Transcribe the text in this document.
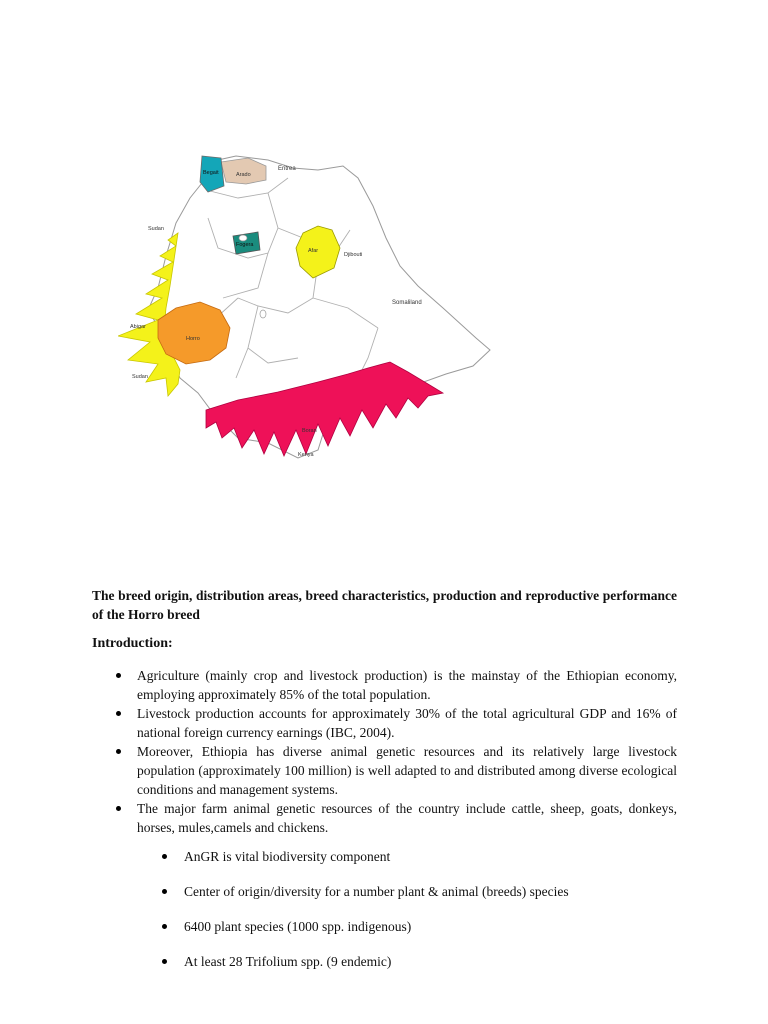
Eritrea
Arado
Begait
Fogera
Afar
Djibouti
Somaliland
Sudan
Abigar
Horro
Sudan
Boran
Kenya

The breed origin, distribution areas, breed characteristics, production and reproductive performance of the Horro breed

Introduction:

Agriculture (mainly crop and livestock production) is the mainstay of the Ethiopian economy, employing approximately 85% of the total population.
Livestock production accounts for approximately 30% of the total agricultural GDP and 16% of national foreign currency earnings (IBC, 2004).
Moreover, Ethiopia has diverse animal genetic resources and its relatively large livestock population (approximately 100 million) is well adapted to and distributed among diverse ecological conditions and management systems.
The major farm animal genetic resources of the country include cattle, sheep, goats, donkeys, horses, mules,camels and chickens.
AnGR is vital biodiversity component
Center of origin/diversity for a number plant & animal (breeds) species
6400 plant species (1000 spp. indigenous)
At least 28 Trifolium spp. (9 endemic)
